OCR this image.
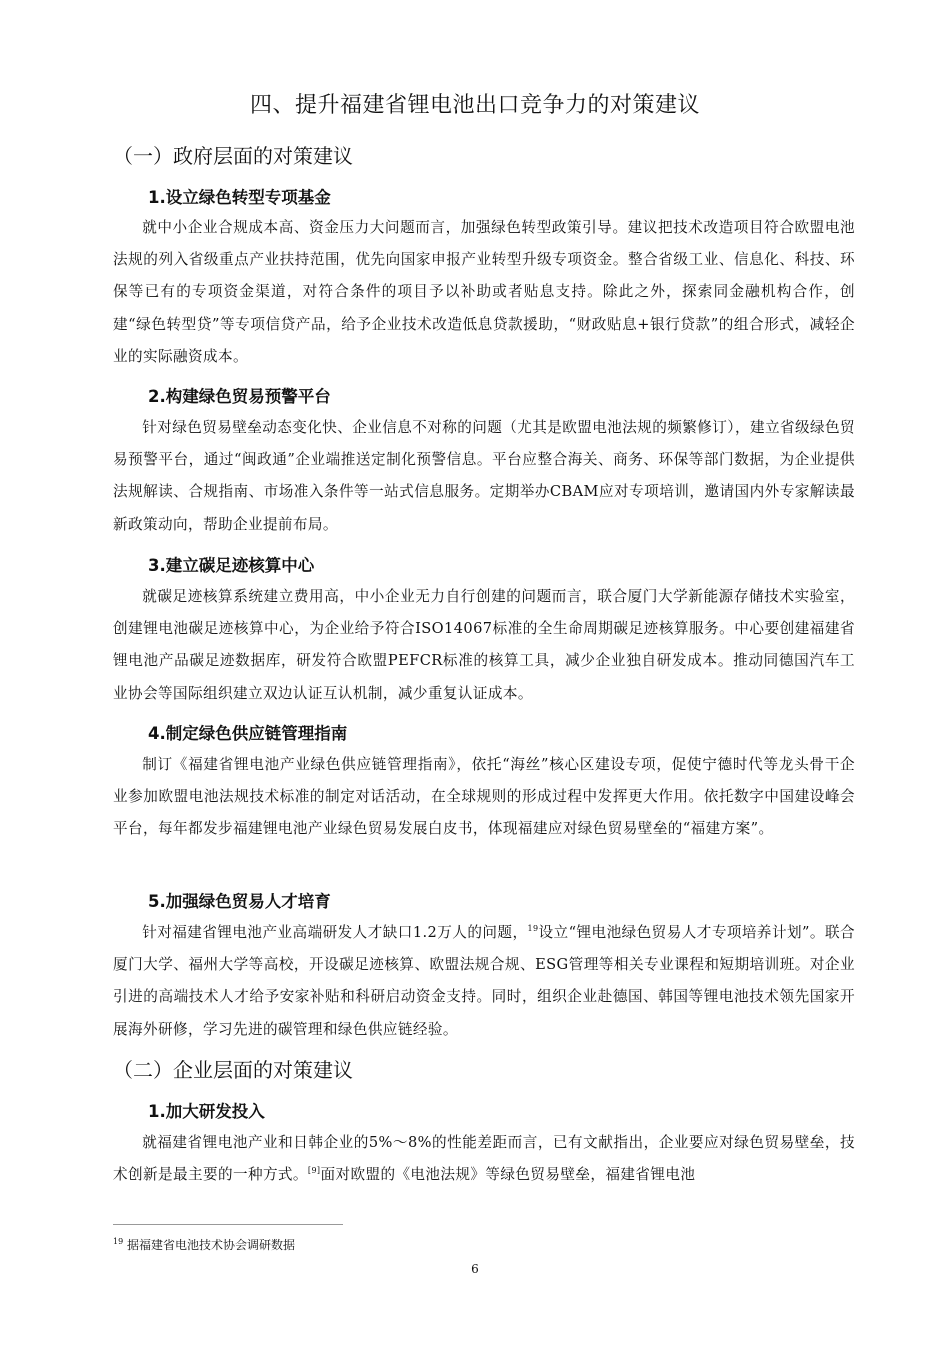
四、提升福建省锂电池出口竞争力的对策建议
（一）政府层面的对策建议
1.设立绿色转型专项基金

就中小企业合规成本高、资金压力大问题而言，加强绿色转型政策引导。建议把技术改造项目符合欧盟电池法规的列入省级重点产业扶持范围，优先向国家申报产业转型升级专项资金。整合省级工业、信息化、科技、环保等已有的专项资金渠道，对符合条件的项目予以补助或者贴息支持。除此之外，探索同金融机构合作，创建“绿色转型贷”等专项信贷产品，给予企业技术改造低息贷款援助，“财政贴息+银行贷款”的组合形式，减轻企业的实际融资成本。

2.构建绿色贸易预警平台

针对绿色贸易壁垒动态变化快、企业信息不对称的问题（尤其是欧盟电池法规的频繁修订），建立省级绿色贸易预警平台，通过“闽政通”企业端推送定制化预警信息。平台应整合海关、商务、环保等部门数据，为企业提供法规解读、合规指南、市场准入条件等一站式信息服务。定期举办CBAM应对专项培训，邀请国内外专家解读最新政策动向，帮助企业提前布局。

3.建立碳足迹核算中心

就碳足迹核算系统建立费用高，中小企业无力自行创建的问题而言，联合厦门大学新能源存储技术实验室，创建锂电池碳足迹核算中心，为企业给予符合ISO14067标准的全生命周期碳足迹核算服务。中心要创建福建省锂电池产品碳足迹数据库，研发符合欧盟PEFCR标准的核算工具，减少企业独自研发成本。推动同德国汽车工业协会等国际组织建立双边认证互认机制，减少重复认证成本。

4.制定绿色供应链管理指南

制订《福建省锂电池产业绿色供应链管理指南》，依托“海丝”核心区建设专项，促使宁德时代等龙头骨干企业参加欧盟电池法规技术标准的制定对话活动，在全球规则的形成过程中发挥更大作用。依托数字中国建设峰会平台，每年都发步福建锂电池产业绿色贸易发展白皮书，体现福建应对绿色贸易壁垒的“福建方案”。

5.加强绿色贸易人才培育

针对福建省锂电池产业高端研发人才缺口1.2万人的问题，$^{19}$设立“锂电池绿色贸易人才专项培养计划”。联合厦门大学、福州大学等高校，开设碳足迹核算、欧盟法规合规、ESG管理等相关专业课程和短期培训班。对企业引进的高端技术人才给予安家补贴和科研启动资金支持。同时，组织企业赴德国、韩国等锂电池技术领先国家开展海外研修，学习先进的碳管理和绿色供应链经验。

（二）企业层面的对策建议
1.加大研发投入

就福建省锂电池产业和日韩企业的5%～8%的性能差距而言，已有文献指出，企业要应对绿色贸易壁垒，技术创新是最主要的一种方式。[9]面对欧盟的《电池法规》等绿色贸易壁垒，福建省锂电池

$^{19}$ 据福建省电池技术协会调研数据

6
